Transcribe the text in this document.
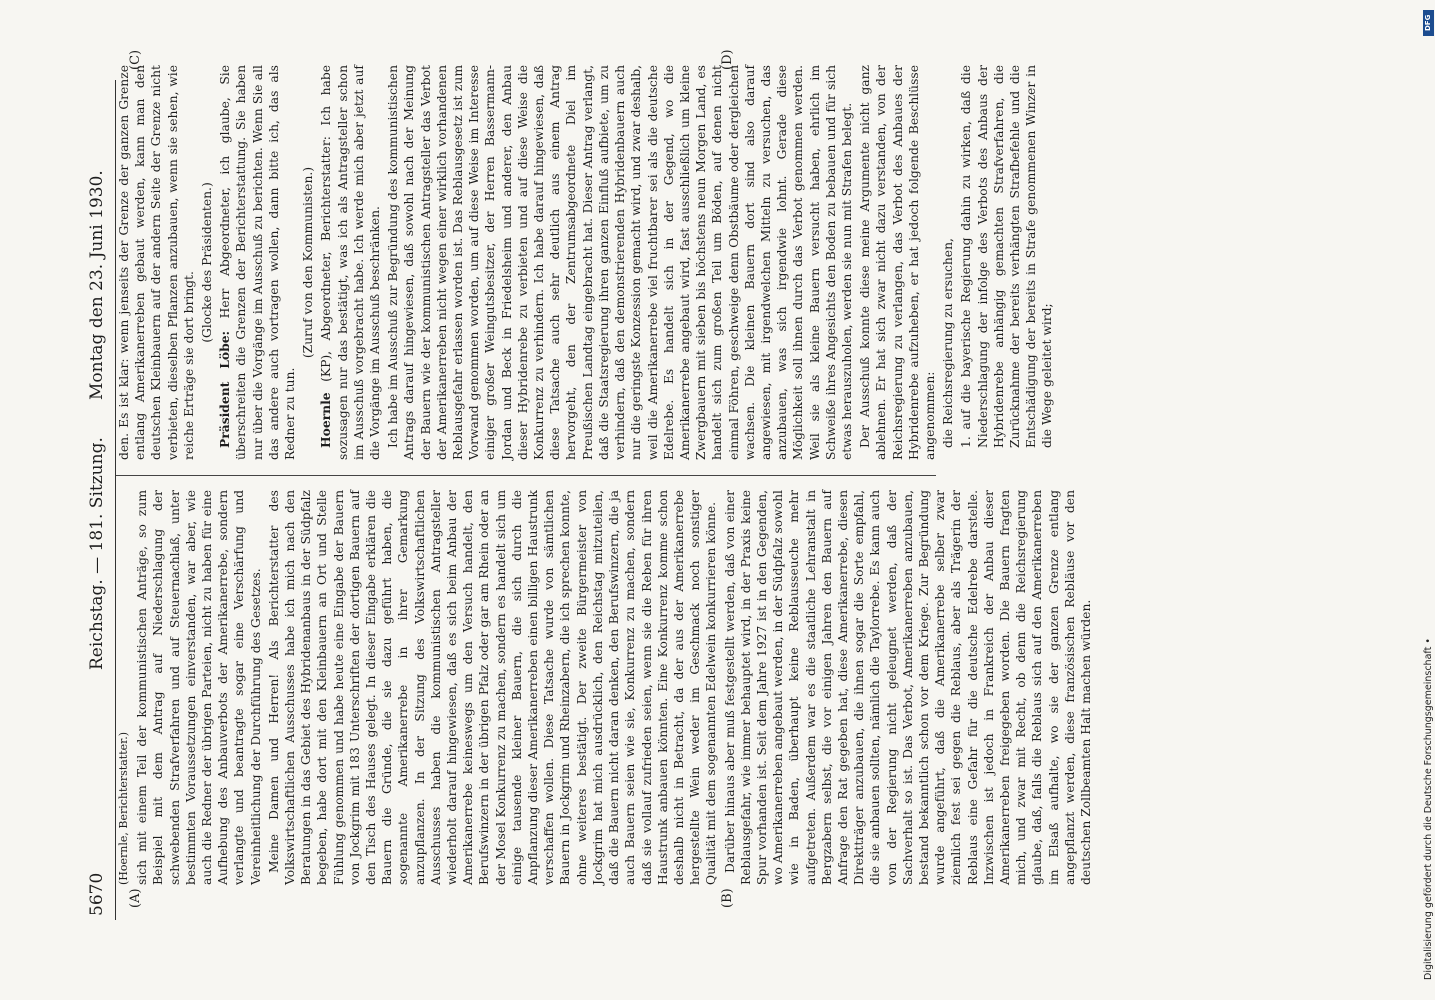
5670
Reichstag. — 181. Sitzung.
Montag den 23. Juni 1930.
(A)	(B)
(C)	(D)

(Hoernle, Berichterstatter.) sich mit einem Teil der kommunistischen Anträge, so zum Beispiel mit dem Antrag auf Niederschlagung der schwebenden Strafverfahren und auf Steuernachlaß, unter bestimmten Voraussetzungen einverstanden, war aber, wie auch die Redner der übrigen Parteien, nicht zu haben für eine Aufhebung des Anbauverbots der Amerikanerrebe, sondern verlangte und beantragte sogar eine Verschärfung und Vereinheitlichung der Durchführung des Gesetzes. Meine Damen und Herren! Als Berichterstatter des Volkswirtschaftlichen Ausschusses habe ich mich nach den Beratungen in das Gebiet des Hybridenanbaus in der Südpfalz begeben, habe dort mit den Kleinbauern an Ort und Stelle Fühlung genommen und habe heute eine Eingabe der Bauern von Jockgrim mit 183 Unterschriften der dortigen Bauern auf den Tisch des Hauses gelegt. In dieser Eingabe erklären die Bauern die Gründe, die sie dazu geführt haben, die sogenannte Amerikanerrebe in ihrer Gemarkung anzupflanzen. In der Sitzung des Volkswirtschaftlichen Ausschusses haben die kommunistischen Antragsteller wiederholt darauf hingewiesen, daß es sich beim Anbau der Amerikanerrebe keineswegs um den Versuch handelt, den Berufswinzern in der übrigen Pfalz oder gar am Rhein oder an der Mosel Konkurrenz zu machen, sondern es handelt sich um einige tausende kleiner Bauern, die sich durch die Anpflanzung dieser Amerikanerreben einen billigen Haustrunk verschaffen wollen. Diese Tatsache wurde von sämtlichen Bauern in Jockgrim und Rheinzabern, die ich sprechen konnte, ohne weiteres bestätigt. Der zweite Bürgermeister von Jockgrim hat mich ausdrücklich, den Reichstag mitzuteilen, daß die Bauern nicht daran denken, den Berufswinzern, die ja auch Bauern seien wie sie, Konkurrenz zu machen, sondern daß sie vollauf zufrieden seien, wenn sie die Reben für ihren Haustrunk anbauen könnten. Eine Konkurrenz komme schon deshalb nicht in Betracht, da der aus der Amerikanerrebe hergestellte Wein weder im Geschmack noch sonstiger Qualität mit dem sogenannten Edelwein konkurrieren könne. Darüber hinaus aber muß festgestellt werden, daß von einer Reblausgefahr, wie immer behauptet wird, in der Praxis keine Spur vorhanden ist. Seit dem Jahre 1927 ist in den Gegenden, wo Amerikanerreben angebaut werden, in der Südpfalz sowohl wie in Baden, überhaupt keine Reblausseuche mehr aufgetreten. Außerdem war es die staatliche Lehranstalt in Bergzabern selbst, die vor einigen Jahren den Bauern auf Anfrage den Rat gegeben hat, diese Amerikanerrebe, diesen Direktträger anzubauen, die ihnen sogar die Sorte empfahl, die sie anbauen sollten, nämlich die Taylorrebe. Es kann auch von der Regierung nicht geleugnet werden, daß der Sachverhalt so ist. Das Verbot, Amerikanerreben anzubauen, bestand bekanntlich schon vor dem Kriege. Zur Begründung wurde angeführt, daß die Amerikanerrebe selber zwar ziemlich fest sei gegen die Reblaus, aber als Trägerin der Reblaus eine Gefahr für die deutsche Edelrebe darstelle. Inzwischen ist jedoch in Frankreich der Anbau dieser Amerikanerreben freigegeben worden. Die Bauern fragten mich, und zwar mit Recht, ob denn die Reichsregierung glaube, daß, falls die Reblaus sich auf den Amerikanerreben im Elsaß aufhalte, wo sie der ganzen Grenze entlang angepflanzt werden, diese französischen Rebläuse vor den deutschen Zollbeamten Halt machen würden.

den. Es ist klar: wenn jenseits der Grenze der ganzen Grenze entlang Amerikanerreben gebaut werden, kann man den deutschen Kleinbauern auf der andern Seite der Grenze nicht verbieten, dieselben Pflanzen anzubauen, wenn sie sehen, wie reiche Erträge sie dort bringt.

(Glocke des Präsidenten.)

Präsident Löbe: Herr Abgeordneter, ich glaube, Sie überschreiten die Grenzen der Berichterstattung. Sie haben nur über die Vorgänge im Ausschuß zu berichten. Wenn Sie all das andere auch vortragen wollen, dann bitte ich, das als Redner zu tun.

(Zuruf von den Kommunisten.)

Hoernle (KP), Abgeordneter, Berichterstatter: Ich habe sozusagen nur das bestätigt, was ich als Antragsteller schon im Ausschuß vorgebracht habe. Ich werde mich aber jetzt auf die Vorgänge im Ausschuß beschränken. Ich habe im Ausschuß zur Begründung des kommunistischen Antrags darauf hingewiesen, daß sowohl nach der Meinung der Bauern wie der kommunistischen Antragsteller das Verbot der Amerikanerreben nicht wegen einer wirklich vorhandenen Reblausgefahr erlassen worden ist. Das Reblausgesetz ist zum Vorwand genommen worden, um auf diese Weise im Interesse einiger großer Weingutsbesitzer, der Herren Bassermann-Jordan und Beck in Friedelsheim und anderer, den Anbau dieser Hybridenrebe zu verbieten und auf diese Weise die Konkurrenz zu verhindern. Ich habe darauf hingewiesen, daß diese Tatsache auch sehr deutlich aus einem Antrag hervorgeht, den der Zentrumsabgeordnete Diel im Preußischen Landtag eingebracht hat. Dieser Antrag verlangt, daß die Staatsregierung ihren ganzen Einfluß aufbiete, um zu verhindern, daß den demonstrierenden Hybridenbauern auch nur die geringste Konzession gemacht wird, und zwar deshalb, weil die Amerikanerrebe viel fruchtbarer sei als die deutsche Edelrebe. Es handelt sich in der Gegend, wo die Amerikanerrebe angebaut wird, fast ausschließlich um kleine Zwergbauern mit sieben bis höchstens neun Morgen Land, es handelt sich zum großen Teil um Böden, auf denen nicht einmal Föhren, geschweige denn Obstbäume oder dergleichen wachsen. Die kleinen Bauern dort sind also darauf angewiesen, mit irgendwelchen Mitteln zu versuchen, das anzubauen, was sich irgendwie lohnt. Gerade diese Möglichkeit soll ihnen durch das Verbot genommen werden. Weil sie als kleine Bauern versucht haben, ehrlich im Schweiße ihres Angesichts den Boden zu bebauen und für sich etwas herauszuholen, werden sie nun mit Strafen belegt. Der Ausschuß konnte diese meine Argumente nicht ganz ablehnen. Er hat sich zwar nicht dazu verstanden, von der Reichsregierung zu verlangen, das Verbot des Anbaues der Hybridenrebe aufzuheben, er hat jedoch folgende Beschlüsse angenommen: die Reichsregierung zu ersuchen, 1. auf die bayerische Regierung dahin zu wirken, daß die Niederschlagung der infolge des Verbots des Anbaus der Hybridenrebe anhängig gemachten Strafverfahren, die Zurücknahme der bereits verhängten Strafbefehle und die Entschädigung der bereits in Strafe genommenen Winzer in die Wege geleitet wird;

DFG
Digitalisierung gefördert durch die Deutsche Forschungsgemeinschaft •
